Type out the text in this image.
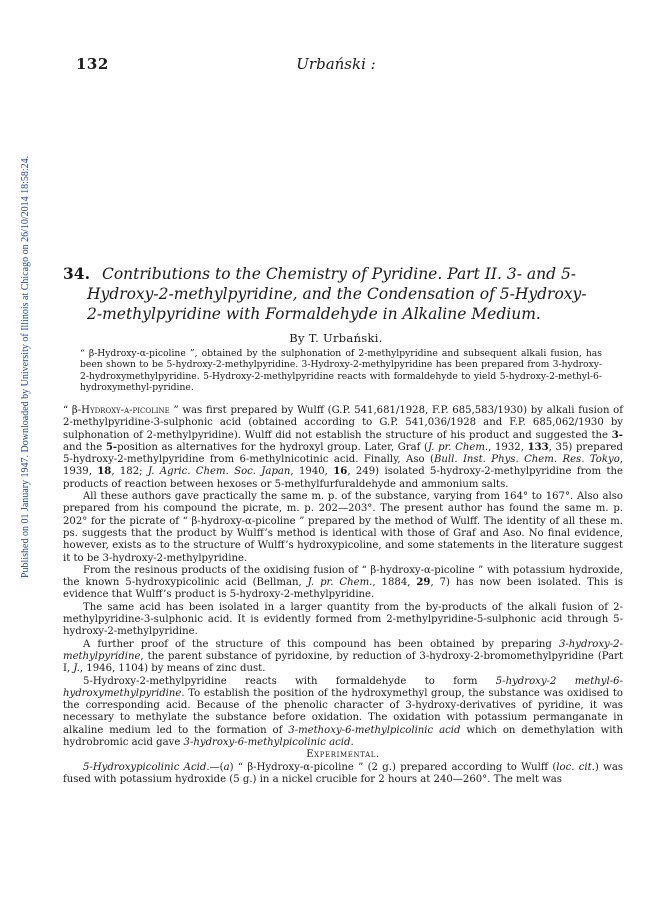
132	Urbański :
Published on 01 January 1947. Downloaded by University of Illinois at Chicago on 26/10/2014 18:58:24. 34. Contributions to the Chemistry of Pyridine. Part II. 3- and 5-
Hydroxy-2-methylpyridine, and the Condensation of 5-Hydroxy-
2-methylpyridine with Formaldehyde in Alkaline Medium.
By T. Urbański.
“ β-Hydroxy-α-picoline ”, obtained by the sulphonation of 2-methylpyridine and subsequent alkali fusion, has been shown to be 5-hydroxy-2-methylpyridine. 3-Hydroxy-2-methylpyridine has been prepared from 3-hydroxy-2-hydroxymethylpyridine. 5-Hydroxy-2-methylpyridine reacts with formaldehyde to yield 5-hydroxy-2-methyl-6-hydroxymethyl-pyridine.

“ β-Hydroxy-α-picoline ” was first prepared by Wulff (G.P. 541,681/1928, F.P. 685,583/1930) by alkali fusion of 2-methylpyridine-3-sulphonic acid (obtained according to G.P. 541,036/1928 and F.P. 685,062/1930 by sulphonation of 2-methylpyridine). Wulff did not establish the structure of his product and suggested the 3- and the 5-position as alternatives for the hydroxyl group. Later, Graf (J. pr. Chem., 1932, 133, 35) prepared 5-hydroxy-2-methylpyridine from 6-methylnicotinic acid. Finally, Aso (Bull. Inst. Phys. Chem. Res. Tokyo, 1939, 18, 182; J. Agric. Chem. Soc. Japan, 1940, 16, 249) isolated 5-hydroxy-2-methylpyridine from the products of reaction between hexoses or 5-methylfurfuraldehyde and ammonium salts.

All these authors gave practically the same m. p. of the substance, varying from 164° to 167°. Also also prepared from his compound the picrate, m. p. 202—203°. The present author has found the same m. p. 202° for the picrate of “ β-hydroxy-α-picoline ” prepared by the method of Wulff. The identity of all these m. ps. suggests that the product by Wulff’s method is identical with those of Graf and Aso. No final evidence, however, exists as to the structure of Wulff’s hydroxypicoline, and some statements in the literature suggest it to be 3-hydroxy-2-methylpyridine.

From the resinous products of the oxidising fusion of “ β-hydroxy-α-picoline ” with potassium hydroxide, the known 5-hydroxypicolinic acid (Bellman, J. pr. Chem., 1884, 29, 7) has now been isolated. This is evidence that Wulff’s product is 5-hydroxy-2-methylpyridine.

The same acid has been isolated in a larger quantity from the by-products of the alkali fusion of 2-methylpyridine-3-sulphonic acid. It is evidently formed from 2-methylpyridine-5-sulphonic acid through 5-hydroxy-2-methylpyridine.

A further proof of the structure of this compound has been obtained by preparing 3-hydroxy-2-methylpyridine, the parent substance of pyridoxine, by reduction of 3-hydroxy-2-bromomethylpyridine (Part I, J., 1946, 1104) by means of zinc dust.

5-Hydroxy-2-methylpyridine reacts with formaldehyde to form 5-hydroxy-2 methyl-6-hydroxymethylpyridine. To establish the position of the hydroxymethyl group, the substance was oxidised to the corresponding acid. Because of the phenolic character of 3-hydroxy-derivatives of pyridine, it was necessary to methylate the substance before oxidation. The oxidation with potassium permanganate in alkaline medium led to the formation of 3-methoxy-6-methylpicolinic acid which on demethylation with hydrobromic acid gave 3-hydroxy-6-methylpicolinic acid.

Experimental.

5-Hydroxypicolinic Acid.—(a) “ β-Hydroxy-α-picoline ” (2 g.) prepared according to Wulff (loc. cit.) was fused with potassium hydroxide (5 g.) in a nickel crucible for 2 hours at 240—260°. The melt was
